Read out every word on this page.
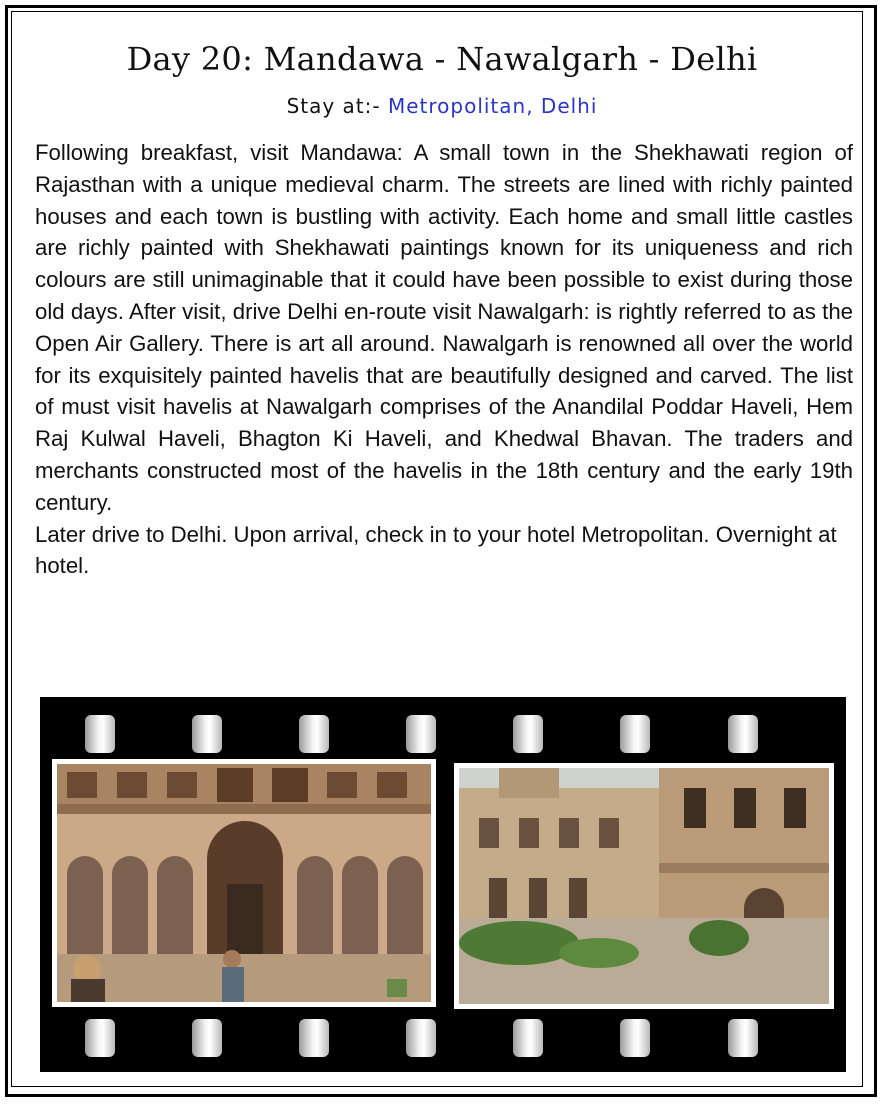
Day 20: Mandawa - Nawalgarh - Delhi
Stay at:- Metropolitan, Delhi

Following breakfast, visit Mandawa: A small town in the Shekhawati region of Rajasthan with a unique medieval charm. The streets are lined with richly painted houses and each town is bustling with activity. Each home and small little castles are richly painted with Shekhawati paintings known for its uniqueness and rich colours are still unimaginable that it could have been possible to exist during those old days. After visit, drive Delhi en-route visit Nawalgarh: is rightly referred to as the Open Air Gallery. There is art all around. Nawalgarh is renowned all over the world for its exquisitely painted havelis that are beautifully designed and carved. The list of must visit havelis at Nawalgarh comprises of the Anandilal Poddar Haveli, Hem Raj Kulwal Haveli, Bhagton Ki Haveli, and Khedwal Bhavan. The traders and merchants constructed most of the havelis in the 18th century and the early 19th century.

Later drive to Delhi. Upon arrival, check in to your hotel Metropolitan. Overnight at hotel.
